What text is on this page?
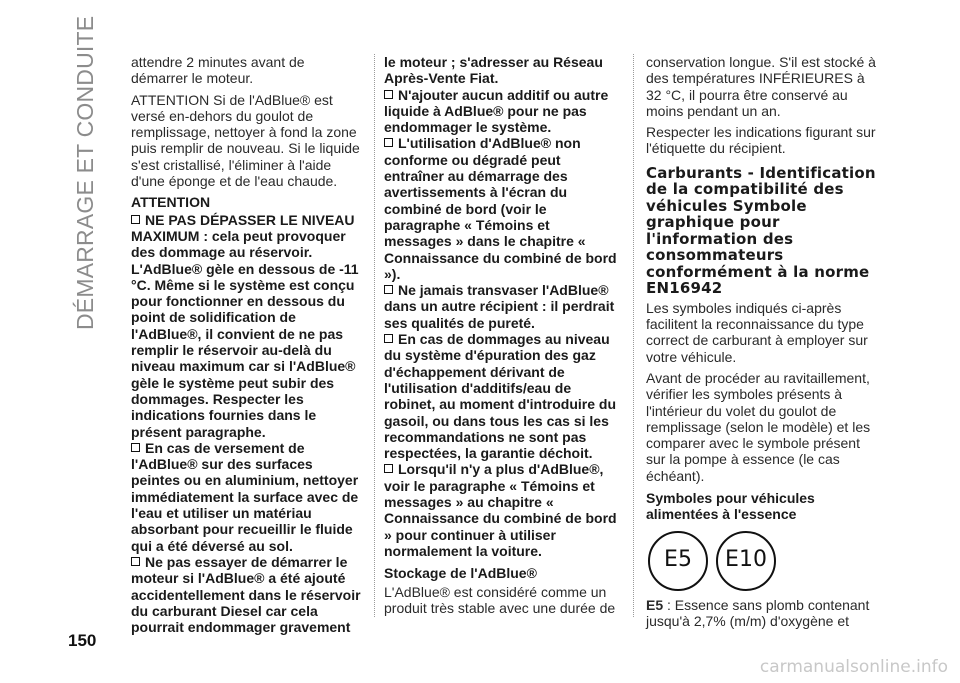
DÉMARRAGE ET CONDUITE attendre 2 minutes avant de démarrer le moteur.

ATTENTION Si de l'AdBlue® est versé en-dehors du goulot de remplissage, nettoyer à fond la zone puis remplir de nouveau. Si le liquide s'est cristallisé, l'éliminer à l'aide d'une éponge et de l'eau chaude.

ATTENTION

NE PAS DÉPASSER LE NIVEAU MAXIMUM : cela peut provoquer des dommage au réservoir. L'AdBlue® gèle en dessous de -11 °C. Même si le système est conçu pour fonctionner en dessous du point de solidification de l'AdBlue®, il convient de ne pas remplir le réservoir au-delà du niveau maximum car si l'AdBlue® gèle le système peut subir des dommages. Respecter les indications fournies dans le présent paragraphe.

En cas de versement de l'AdBlue® sur des surfaces peintes ou en aluminium, nettoyer immédiatement la surface avec de l'eau et utiliser un matériau absorbant pour recueillir le fluide qui a été déversé au sol.

Ne pas essayer de démarrer le moteur si l'AdBlue® a été ajouté accidentellement dans le réservoir du carburant Diesel car cela pourrait endommager gravement

le moteur ; s'adresser au Réseau Après-Vente Fiat.

N'ajouter aucun additif ou autre liquide à AdBlue® pour ne pas endommager le système.

L'utilisation d'AdBlue® non conforme ou dégradé peut entraîner au démarrage des avertissements à l'écran du combiné de bord (voir le paragraphe « Témoins et messages » dans le chapitre « Connaissance du combiné de bord »).

Ne jamais transvaser l'AdBlue® dans un autre récipient : il perdrait ses qualités de pureté.

En cas de dommages au niveau du système d'épuration des gaz d'échappement dérivant de l'utilisation d'additifs/eau de robinet, au moment d'introduire du gasoil, ou dans tous les cas si les recommandations ne sont pas respectées, la garantie déchoit.

Lorsqu'il n'y a plus d'AdBlue®, voir le paragraphe « Témoins et messages » au chapitre « Connaissance du combiné de bord » pour continuer à utiliser normalement la voiture.

Stockage de l'AdBlue®

L'AdBlue® est considéré comme un produit très stable avec une durée de

conservation longue. S'il est stocké à des températures INFÉRIEURES à 32 °C, il pourra être conservé au moins pendant un an.

Respecter les indications figurant sur l'étiquette du récipient.

Carburants - Identification de la compatibilité des véhicules Symbole graphique pour l'information des consommateurs conformément à la norme EN16942

Les symboles indiqués ci-après facilitent la reconnaissance du type correct de carburant à employer sur votre véhicule.

Avant de procéder au ravitaillement, vérifier les symboles présents à l'intérieur du volet du goulot de remplissage (selon le modèle) et les comparer avec le symbole présent sur la pompe à essence (le cas échéant).

Symboles pour véhicules alimentées à l'essence
E5	E10

E5 : Essence sans plomb contenant jusqu'à 2,7% (m/m) d'oxygène et

150
carmanualsonline.info
